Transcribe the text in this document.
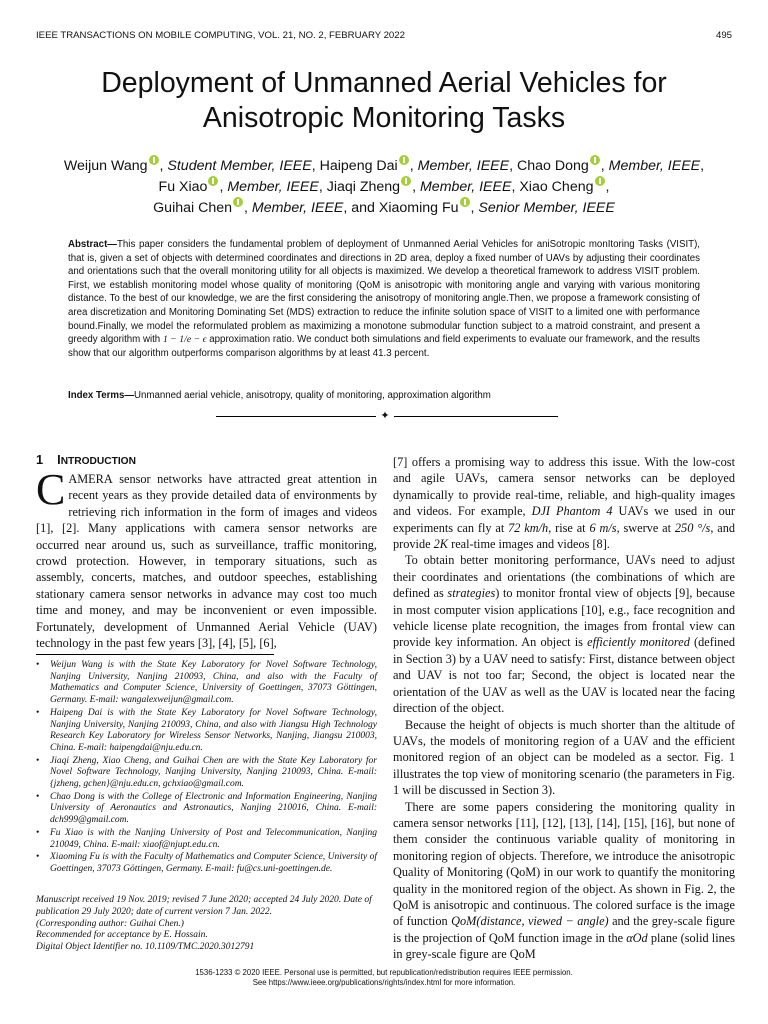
IEEE TRANSACTIONS ON MOBILE COMPUTING, VOL. 21, NO. 2, FEBRUARY 2022	495
Deployment of Unmanned Aerial Vehicles for
Anisotropic Monitoring Tasks
Weijun Wang , Student Member, IEEE, Haipeng Dai , Member, IEEE, Chao Dong , Member, IEEE,
Fu Xiao , Member, IEEE, Jiaqi Zheng , Member, IEEE, Xiao Cheng ,
Guihai Chen , Member, IEEE, and Xiaoming Fu , Senior Member, IEEE
Abstract—This paper considers the fundamental problem of deployment of Unmanned Aerial Vehicles for aniSotropic monItoring Tasks (VISIT), that is, given a set of objects with determined coordinates and directions in 2D area, deploy a fixed number of UAVs by adjusting their coordinates and orientations such that the overall monitoring utility for all objects is maximized. We develop a theoretical framework to address VISIT problem. First, we establish monitoring model whose quality of monitoring (QoM is anisotropic with monitoring angle and varying with various monitoring distance. To the best of our knowledge, we are the first considering the anisotropy of monitoring angle.Then, we propose a framework consisting of area discretization and Monitoring Dominating Set (MDS) extraction to reduce the infinite solution space of VISIT to a limited one with performance bound.Finally, we model the reformulated problem as maximizing a monotone submodular function subject to a matroid constraint, and present a greedy algorithm with 1 − 1/e − ϵ approximation ratio. We conduct both simulations and field experiments to evaluate our framework, and the results show that our algorithm outperforms comparison algorithms by at least 41.3 percent.
Index Terms—Unmanned aerial vehicle, anisotropy, quality of monitoring, approximation algorithm
✦
1 INTRODUCTION

CAMERA sensor networks have attracted great attention in recent years as they provide detailed data of environments by retrieving rich information in the form of images and videos [1], [2]. Many applications with camera sensor networks are occurred near around us, such as surveillance, traffic monitoring, crowd protection. However, in temporary situations, such as assembly, concerts, matches, and outdoor speeches, establishing stationary camera sensor networks in advance may cost too much time and money, and may be inconvenient or even impossible. Fortunately, development of Unmanned Aerial Vehicle (UAV) technology in the past few years [3], [4], [5], [6],

• Weijun Wang is with the State Key Laboratory for Novel Software Technology, Nanjing University, Nanjing 210093, China, and also with the Faculty of Mathematics and Computer Science, University of Goettingen, 37073 Göttingen, Germany. E-mail: wangalexweijun@gmail.com.
• Haipeng Dai is with the State Key Laboratory for Novel Software Technology, Nanjing University, Nanjing 210093, China, and also with Jiangsu High Technology Research Key Laboratory for Wireless Sensor Networks, Nanjing, Jiangsu 210003, China. E-mail: haipengdai@nju.edu.cn.
• Jiaqi Zheng, Xiao Cheng, and Guihai Chen are with the State Key Laboratory for Novel Software Technology, Nanjing University, Nanjing 210093, China. E-mail: {jzheng, gchen}@nju.edu.cn, gchxiao@gmail.com.
• Chao Dong is with the College of Electronic and Information Engineering, Nanjing University of Aeronautics and Astronautics, Nanjing 210016, China. E-mail: dch999@gmail.com.
• Fu Xiao is with the Nanjing University of Post and Telecommunication, Nanjing 210049, China. E-mail: xiaof@njupt.edu.cn.
• Xiaoming Fu is with the Faculty of Mathematics and Computer Science, University of Goettingen, 37073 Göttingen, Germany. E-mail: fu@cs.uni-goettingen.de.
Manuscript received 19 Nov. 2019; revised 7 June 2020; accepted 24 July 2020. Date of publication 29 July 2020; date of current version 7 Jan. 2022.
(Corresponding author: Guihai Chen.)
Recommended for acceptance by E. Hossain.
Digital Object Identifier no. 10.1109/TMC.2020.3012791

[7] offers a promising way to address this issue. With the low-cost and agile UAVs, camera sensor networks can be deployed dynamically to provide real-time, reliable, and high-quality images and videos. For example, DJI Phantom 4 UAVs we used in our experiments can fly at 72 km/h, rise at 6 m/s, swerve at 250 °/s, and provide 2K real-time images and videos [8].

To obtain better monitoring performance, UAVs need to adjust their coordinates and orientations (the combinations of which are defined as strategies) to monitor frontal view of objects [9], because in most computer vision applications [10], e.g., face recognition and vehicle license plate recognition, the images from frontal view can provide key information. An object is efficiently monitored (defined in Section 3) by a UAV need to satisfy: First, distance between object and UAV is not too far; Second, the object is located near the orientation of the UAV as well as the UAV is located near the facing direction of the object.

Because the height of objects is much shorter than the altitude of UAVs, the models of monitoring region of a UAV and the efficient monitored region of an object can be modeled as a sector. Fig. 1 illustrates the top view of monitoring scenario (the parameters in Fig. 1 will be discussed in Section 3).

There are some papers considering the monitoring quality in camera sensor networks [11], [12], [13], [14], [15], [16], but none of them consider the continuous variable quality of monitoring in monitoring region of objects. Therefore, we introduce the anisotropic Quality of Monitoring (QoM) in our work to quantify the monitoring quality in the monitored region of the object. As shown in Fig. 2, the QoM is anisotropic and continuous. The colored surface is the image of function QoM(distance, viewed − angle) and the grey-scale figure is the projection of QoM function image in the αOd plane (solid lines in grey-scale figure are QoM

1536-1233 © 2020 IEEE. Personal use is permitted, but republication/redistribution requires IEEE permission.
See https://www.ieee.org/publications/rights/index.html for more information.
